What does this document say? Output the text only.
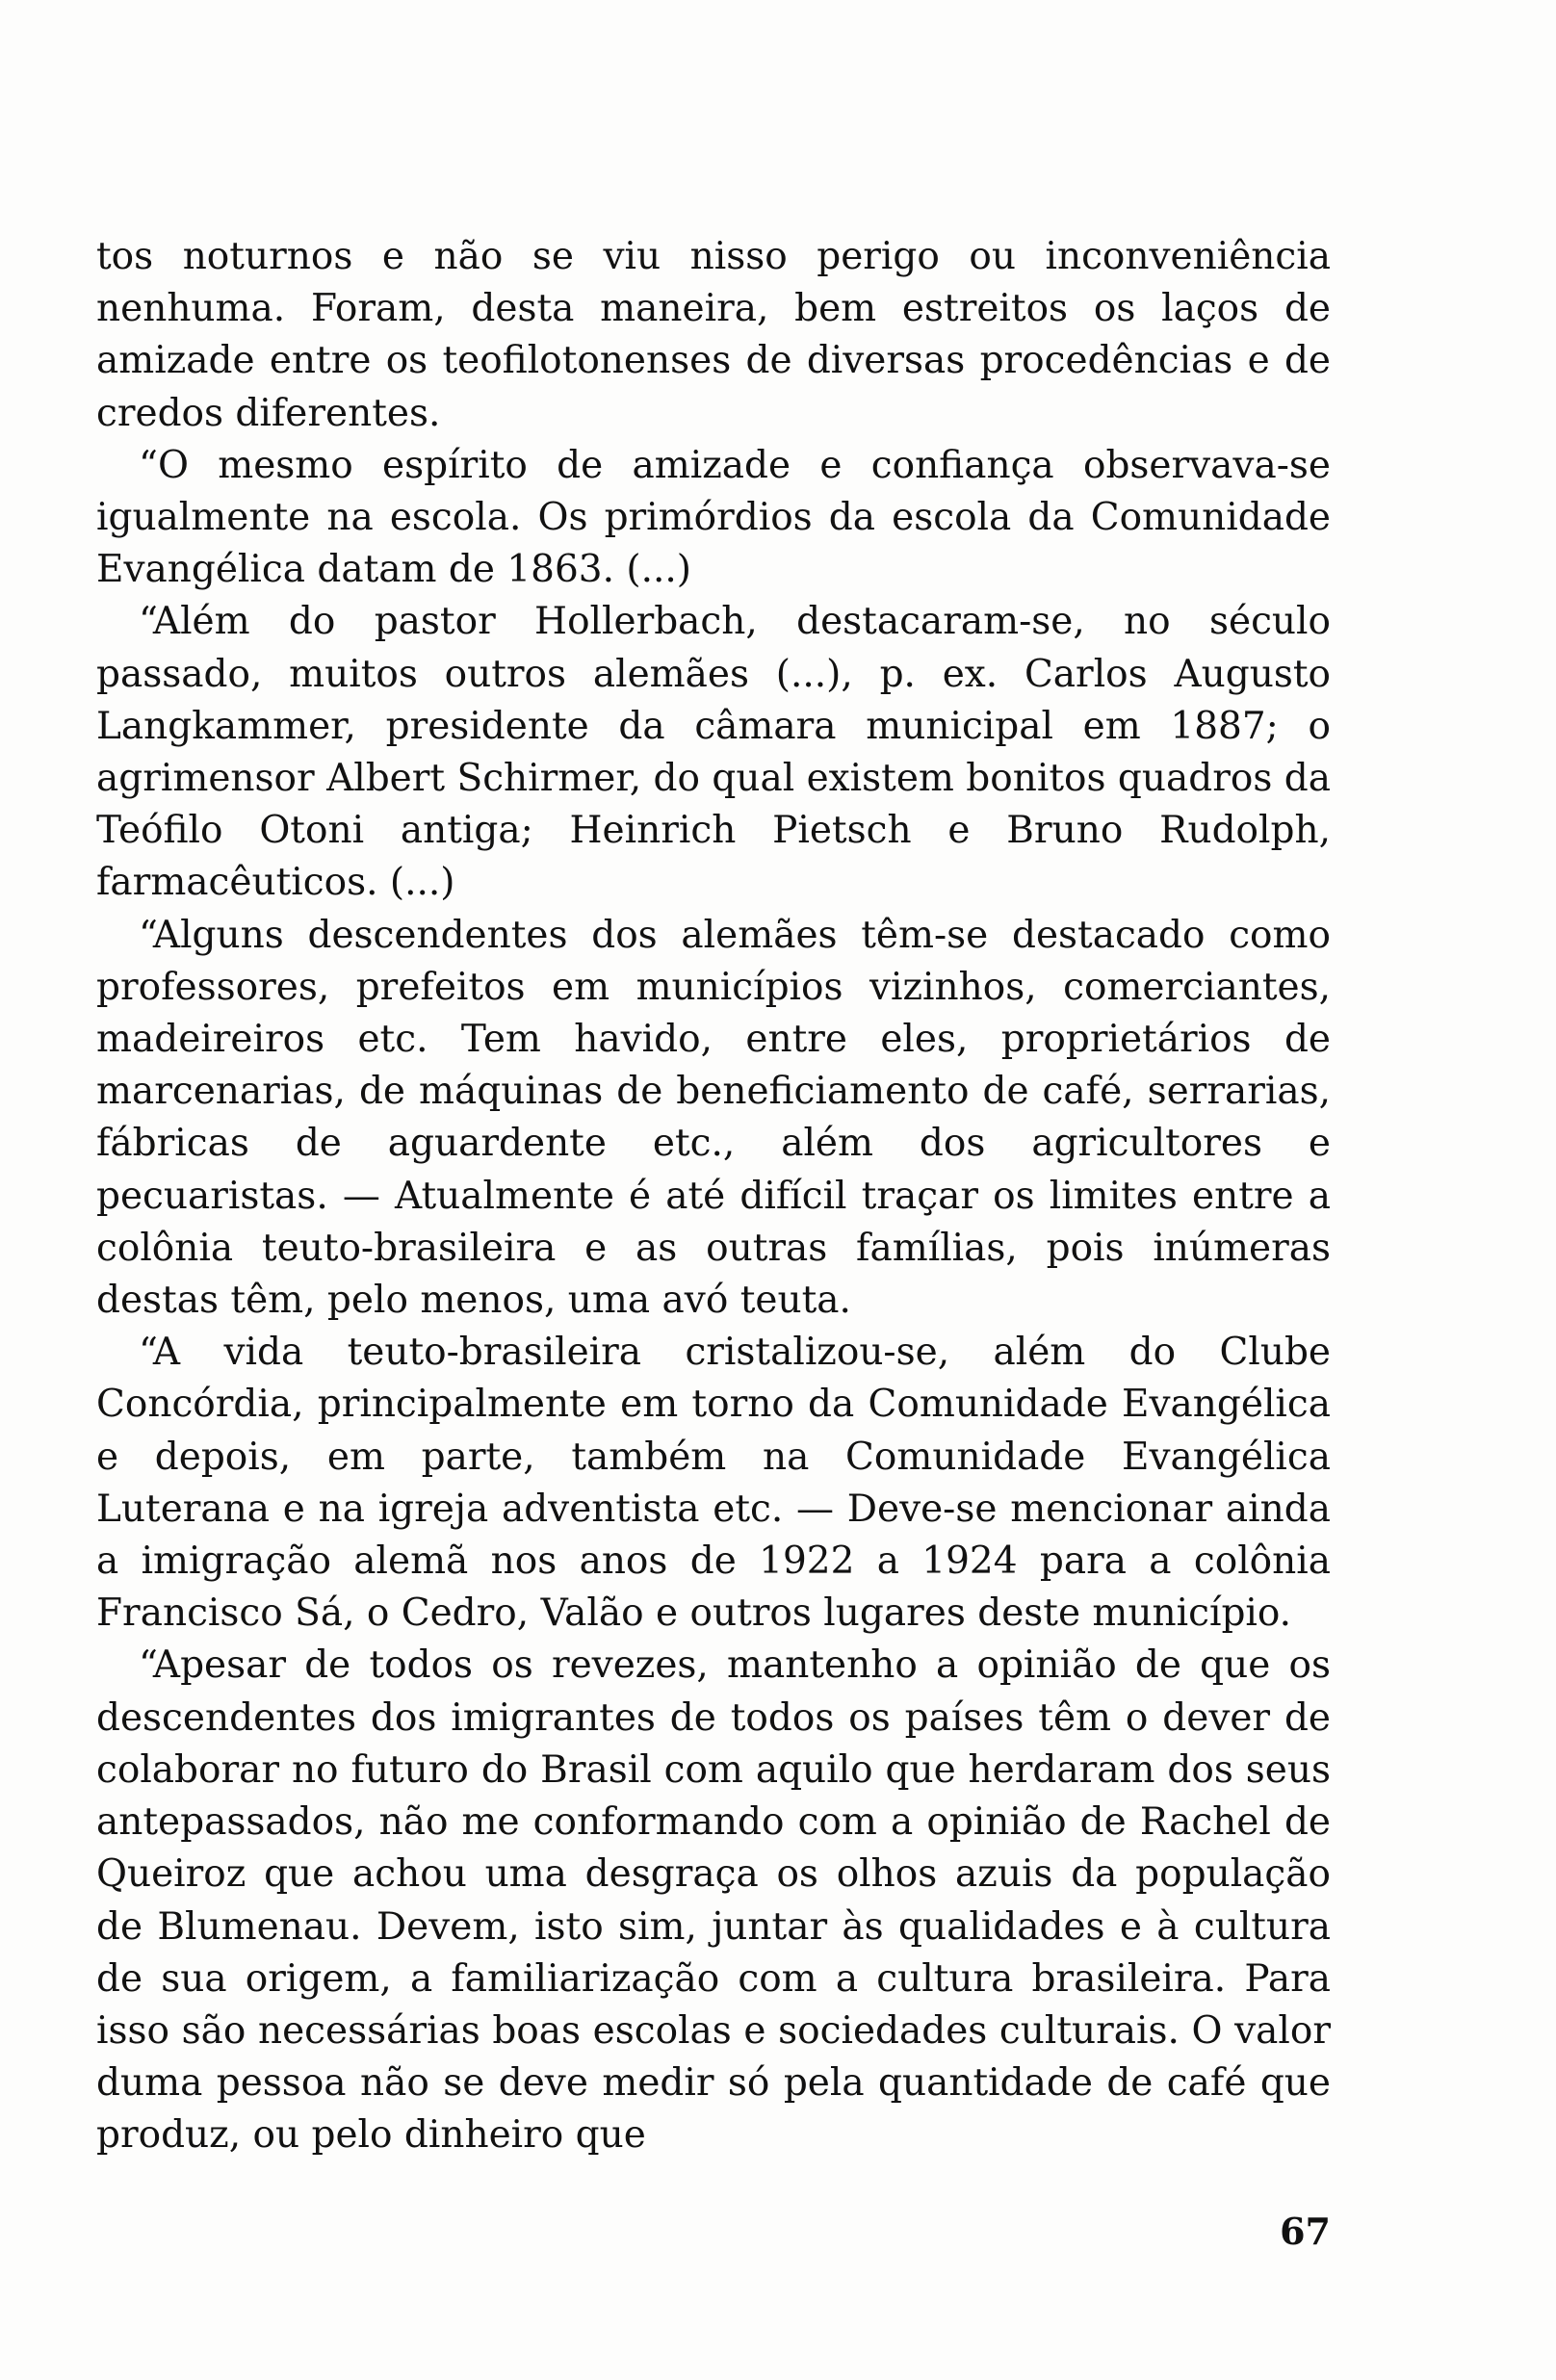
tos noturnos e não se viu nisso perigo ou inconveniência nenhuma. Foram, desta maneira, bem estreitos os laços de amizade entre os teofilotonenses de diversas procedências e de credos diferentes.

“O mesmo espírito de amizade e confiança observava-se igualmente na escola. Os primórdios da escola da Comunidade Evangélica datam de 1863. (...)

“Além do pastor Hollerbach, destacaram-se, no século passado, muitos outros alemães (...), p. ex. Carlos Augusto Langkammer, presidente da câmara municipal em 1887; o agrimensor Albert Schirmer, do qual existem bonitos quadros da Teófilo Otoni antiga; Heinrich Pietsch e Bruno Rudolph, farmacêuticos. (...)

“Alguns descendentes dos alemães têm-se destacado como professores, prefeitos em municípios vizinhos, comerciantes, madeireiros etc. Tem havido, entre eles, proprietários de marcenarias, de máquinas de beneficiamento de café, serrarias, fábricas de aguardente etc., além dos agricultores e pecuaristas. — Atualmente é até difícil traçar os limites entre a colônia teuto-brasileira e as outras famílias, pois inúmeras destas têm, pelo menos, uma avó teuta.

“A vida teuto-brasileira cristalizou-se, além do Clube Concórdia, principalmente em torno da Comunidade Evangélica e depois, em parte, também na Comunidade Evangélica Luterana e na igreja adventista etc. — Deve-se mencionar ainda a imigração alemã nos anos de 1922 a 1924 para a colônia Francisco Sá, o Cedro, Valão e outros lugares deste município.

“Apesar de todos os revezes, mantenho a opinião de que os descendentes dos imigrantes de todos os países têm o dever de colaborar no futuro do Brasil com aquilo que herdaram dos seus antepassados, não me conformando com a opinião de Rachel de Queiroz que achou uma desgraça os olhos azuis da população de Blumenau. Devem, isto sim, juntar às qualidades e à cultura de sua origem, a familiarização com a cultura brasileira. Para isso são necessárias boas escolas e sociedades culturais. O valor duma pessoa não se deve medir só pela quantidade de café que produz, ou pelo dinheiro que

67
